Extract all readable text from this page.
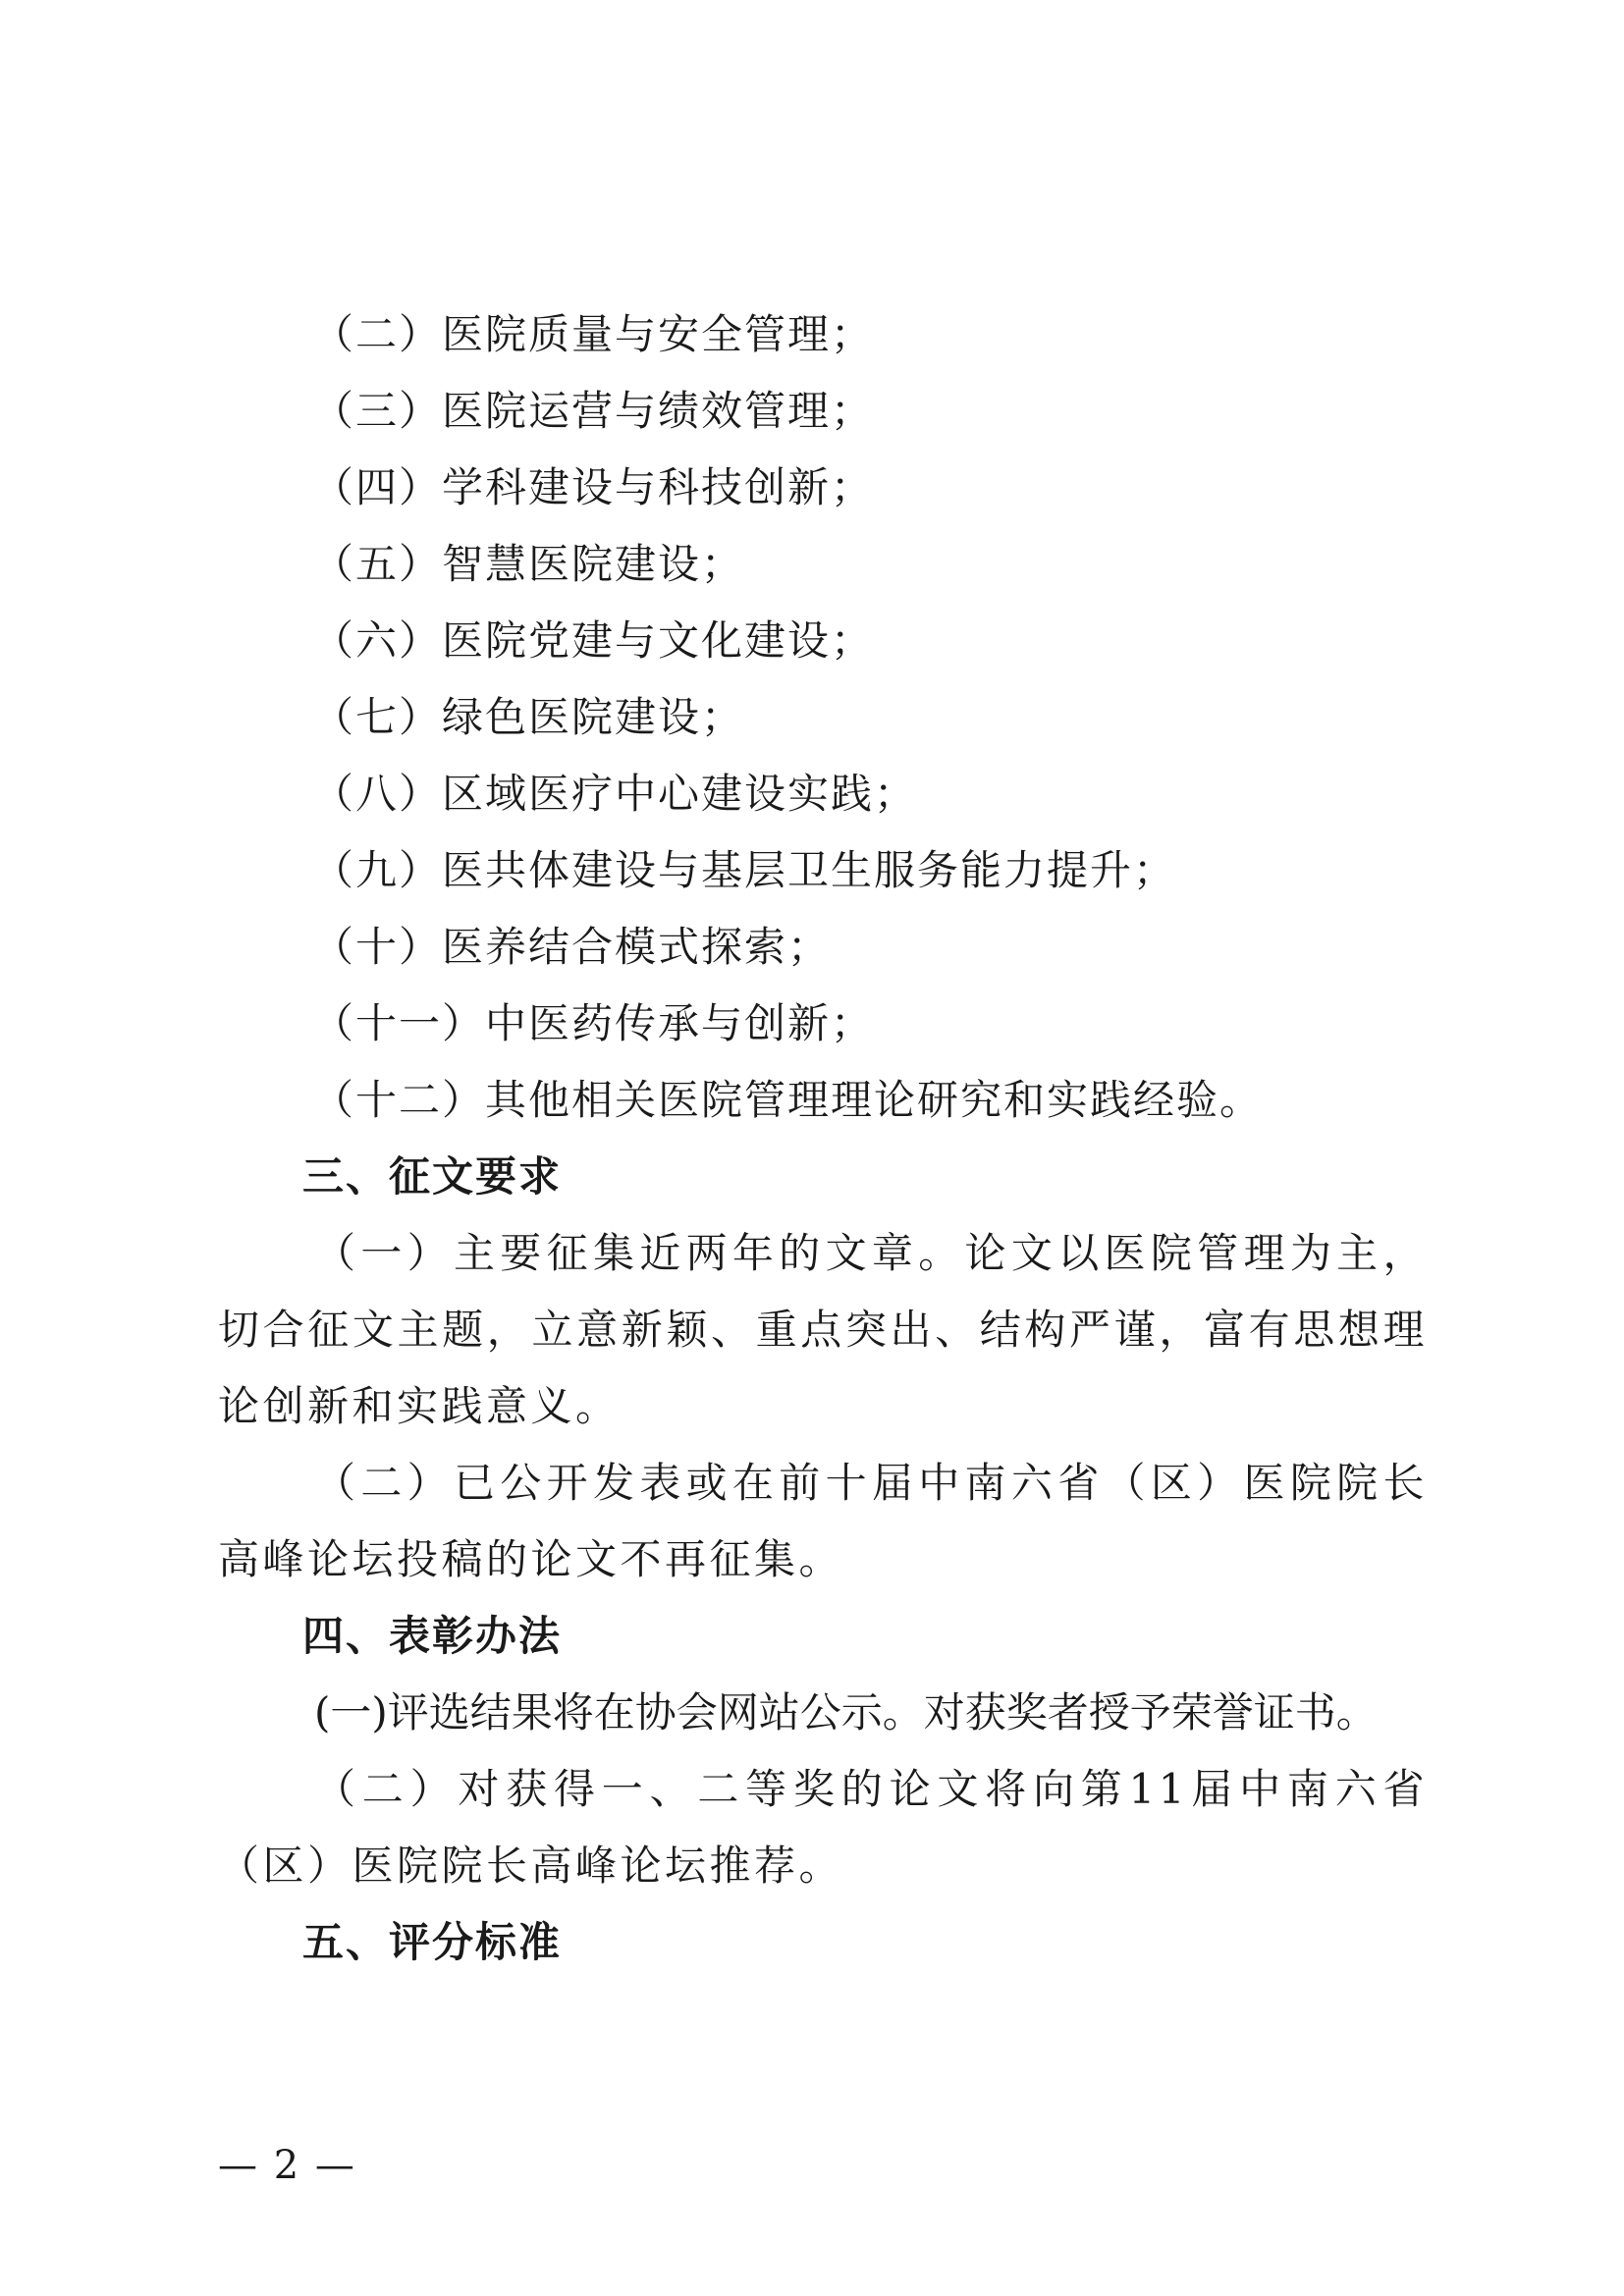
（二）医院质量与安全管理；
（三）医院运营与绩效管理；
（四）学科建设与科技创新；
（五）智慧医院建设；
（六）医院党建与文化建设；
（七）绿色医院建设；
（八）区域医疗中心建设实践；
（九）医共体建设与基层卫生服务能力提升；
（十）医养结合模式探索；
（十一）中医药传承与创新；
（十二）其他相关医院管理理论研究和实践经验。
三、征文要求
（一）主要征集近两年的文章。论文以医院管理为主，切合征文主题，立意新颖、重点突出、结构严谨，富有思想理论创新和实践意义。
（二）已公开发表或在前十届中南六省（区）医院院长高峰论坛投稿的论文不再征集。
四、表彰办法
(一)评选结果将在协会网站公示。对获奖者授予荣誉证书。
（二）对获得一、二等奖的论文将向第11届中南六省（区）医院院长高峰论坛推荐。
五、评分标准
— 2 —
